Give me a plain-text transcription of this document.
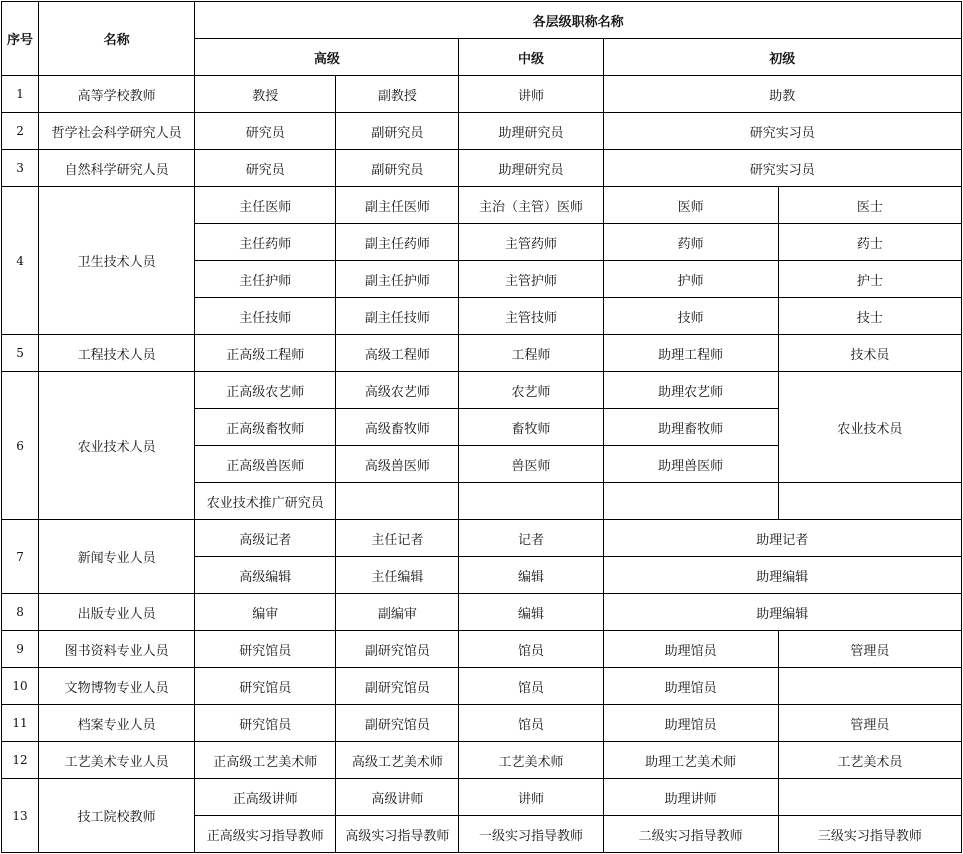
序号	名称	各层级职称名称				
		高级		中级	初级	
1	高等学校教师	教授	副教授	讲师	助教	
2	哲学社会科学研究人员	研究员	副研究员	助理研究员	研究实习员	
3	自然科学研究人员	研究员	副研究员	助理研究员	研究实习员	
4	卫生技术人员	主任医师	副主任医师	主治（主管）医师	医师	医士
		主任药师	副主任药师	主管药师	药师	药士
		主任护师	副主任护师	主管护师	护师	护士
		主任技师	副主任技师	主管技师	技师	技士
5	工程技术人员	正高级工程师	高级工程师	工程师	助理工程师	技术员
6	农业技术人员	正高级农艺师	高级农艺师	农艺师	助理农艺师	农业技术员
		正高级畜牧师	高级畜牧师	畜牧师	助理畜牧师	
		正高级兽医师	高级兽医师	兽医师	助理兽医师	
		农业技术推广研究员				
7	新闻专业人员	高级记者	主任记者	记者	助理记者	
		高级编辑	主任编辑	编辑	助理编辑	
8	出版专业人员	编审	副编审	编辑	助理编辑	
9	图书资料专业人员	研究馆员	副研究馆员	馆员	助理馆员	管理员
10	文物博物专业人员	研究馆员	副研究馆员	馆员	助理馆员	
11	档案专业人员	研究馆员	副研究馆员	馆员	助理馆员	管理员
12	工艺美术专业人员	正高级工艺美术师	高级工艺美术师	工艺美术师	助理工艺美术师	工艺美术员
13	技工院校教师	正高级讲师	高级讲师	讲师	助理讲师	
		正高级实习指导教师	高级实习指导教师	一级实习指导教师	二级实习指导教师	三级实习指导教师
